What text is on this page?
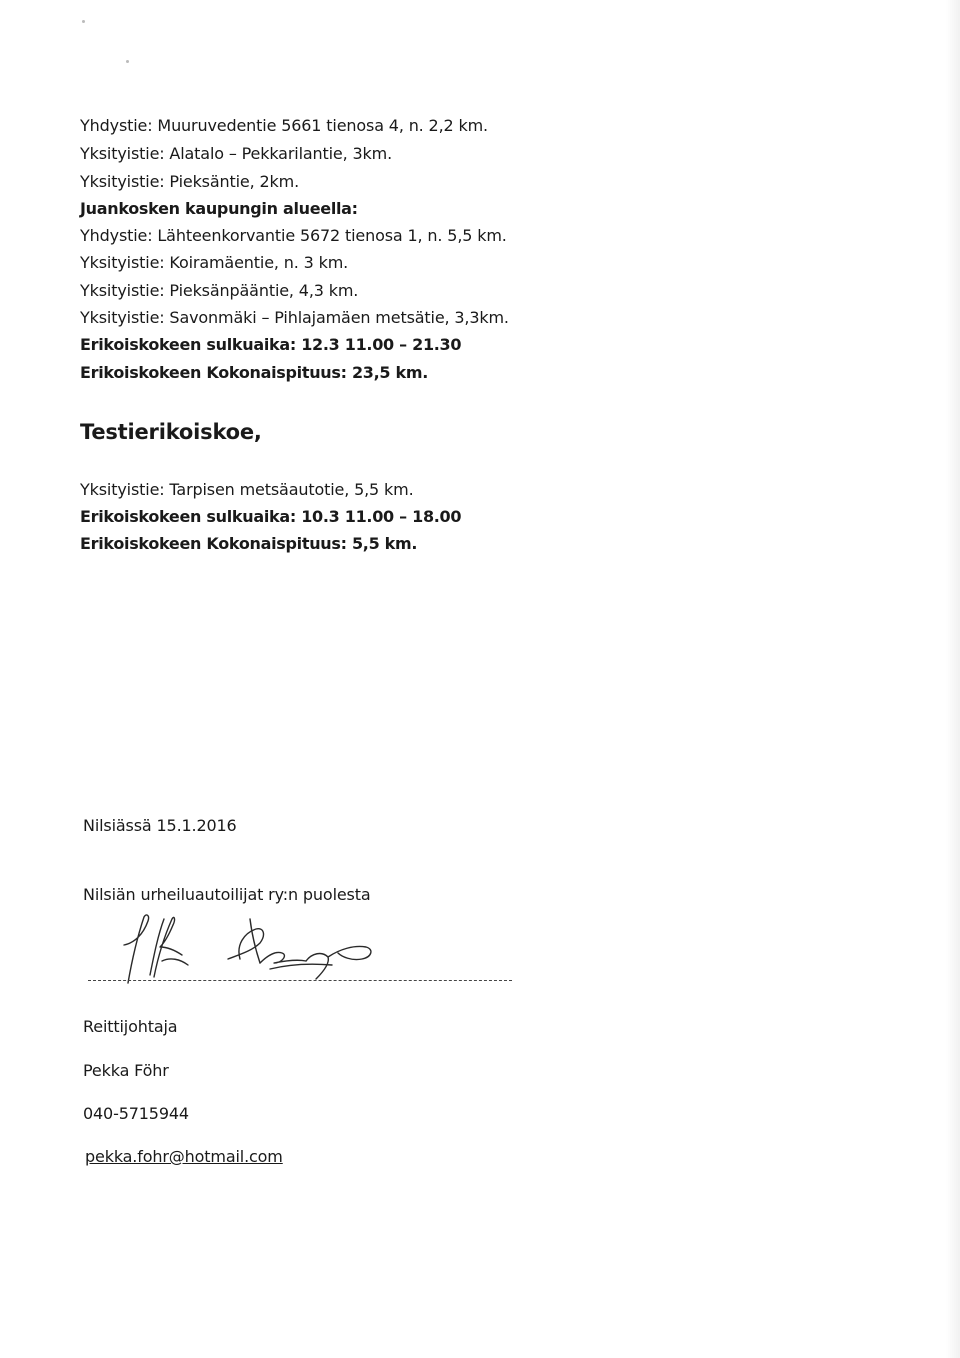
Yhdystie: Muuruvedentie 5661 tienosa 4, n. 2,2 km.
Yksityistie: Alatalo – Pekkarilantie, 3km.
Yksityistie: Pieksäntie, 2km.
Juankosken kaupungin alueella:
Yhdystie: Lähteenkorvantie 5672 tienosa 1, n. 5,5 km.
Yksityistie: Koiramäentie, n. 3 km.
Yksityistie: Pieksänpääntie, 4,3 km.
Yksityistie: Savonmäki – Pihlajamäen metsätie, 3,3km.
Erikoiskokeen sulkuaika: 12.3 11.00 – 21.30
Erikoiskokeen Kokonaispituus: 23,5 km.
Testierikoiskoe,
Yksityistie: Tarpisen metsäautotie, 5,5 km.
Erikoiskokeen sulkuaika: 10.3 11.00 – 18.00
Erikoiskokeen Kokonaispituus: 5,5 km.
Nilsiässä 15.1.2016
Nilsiän urheiluautoilijat ry:n puolesta
Reittijohtaja
Pekka Föhr
040-5715944
pekka.fohr@hotmail.com
